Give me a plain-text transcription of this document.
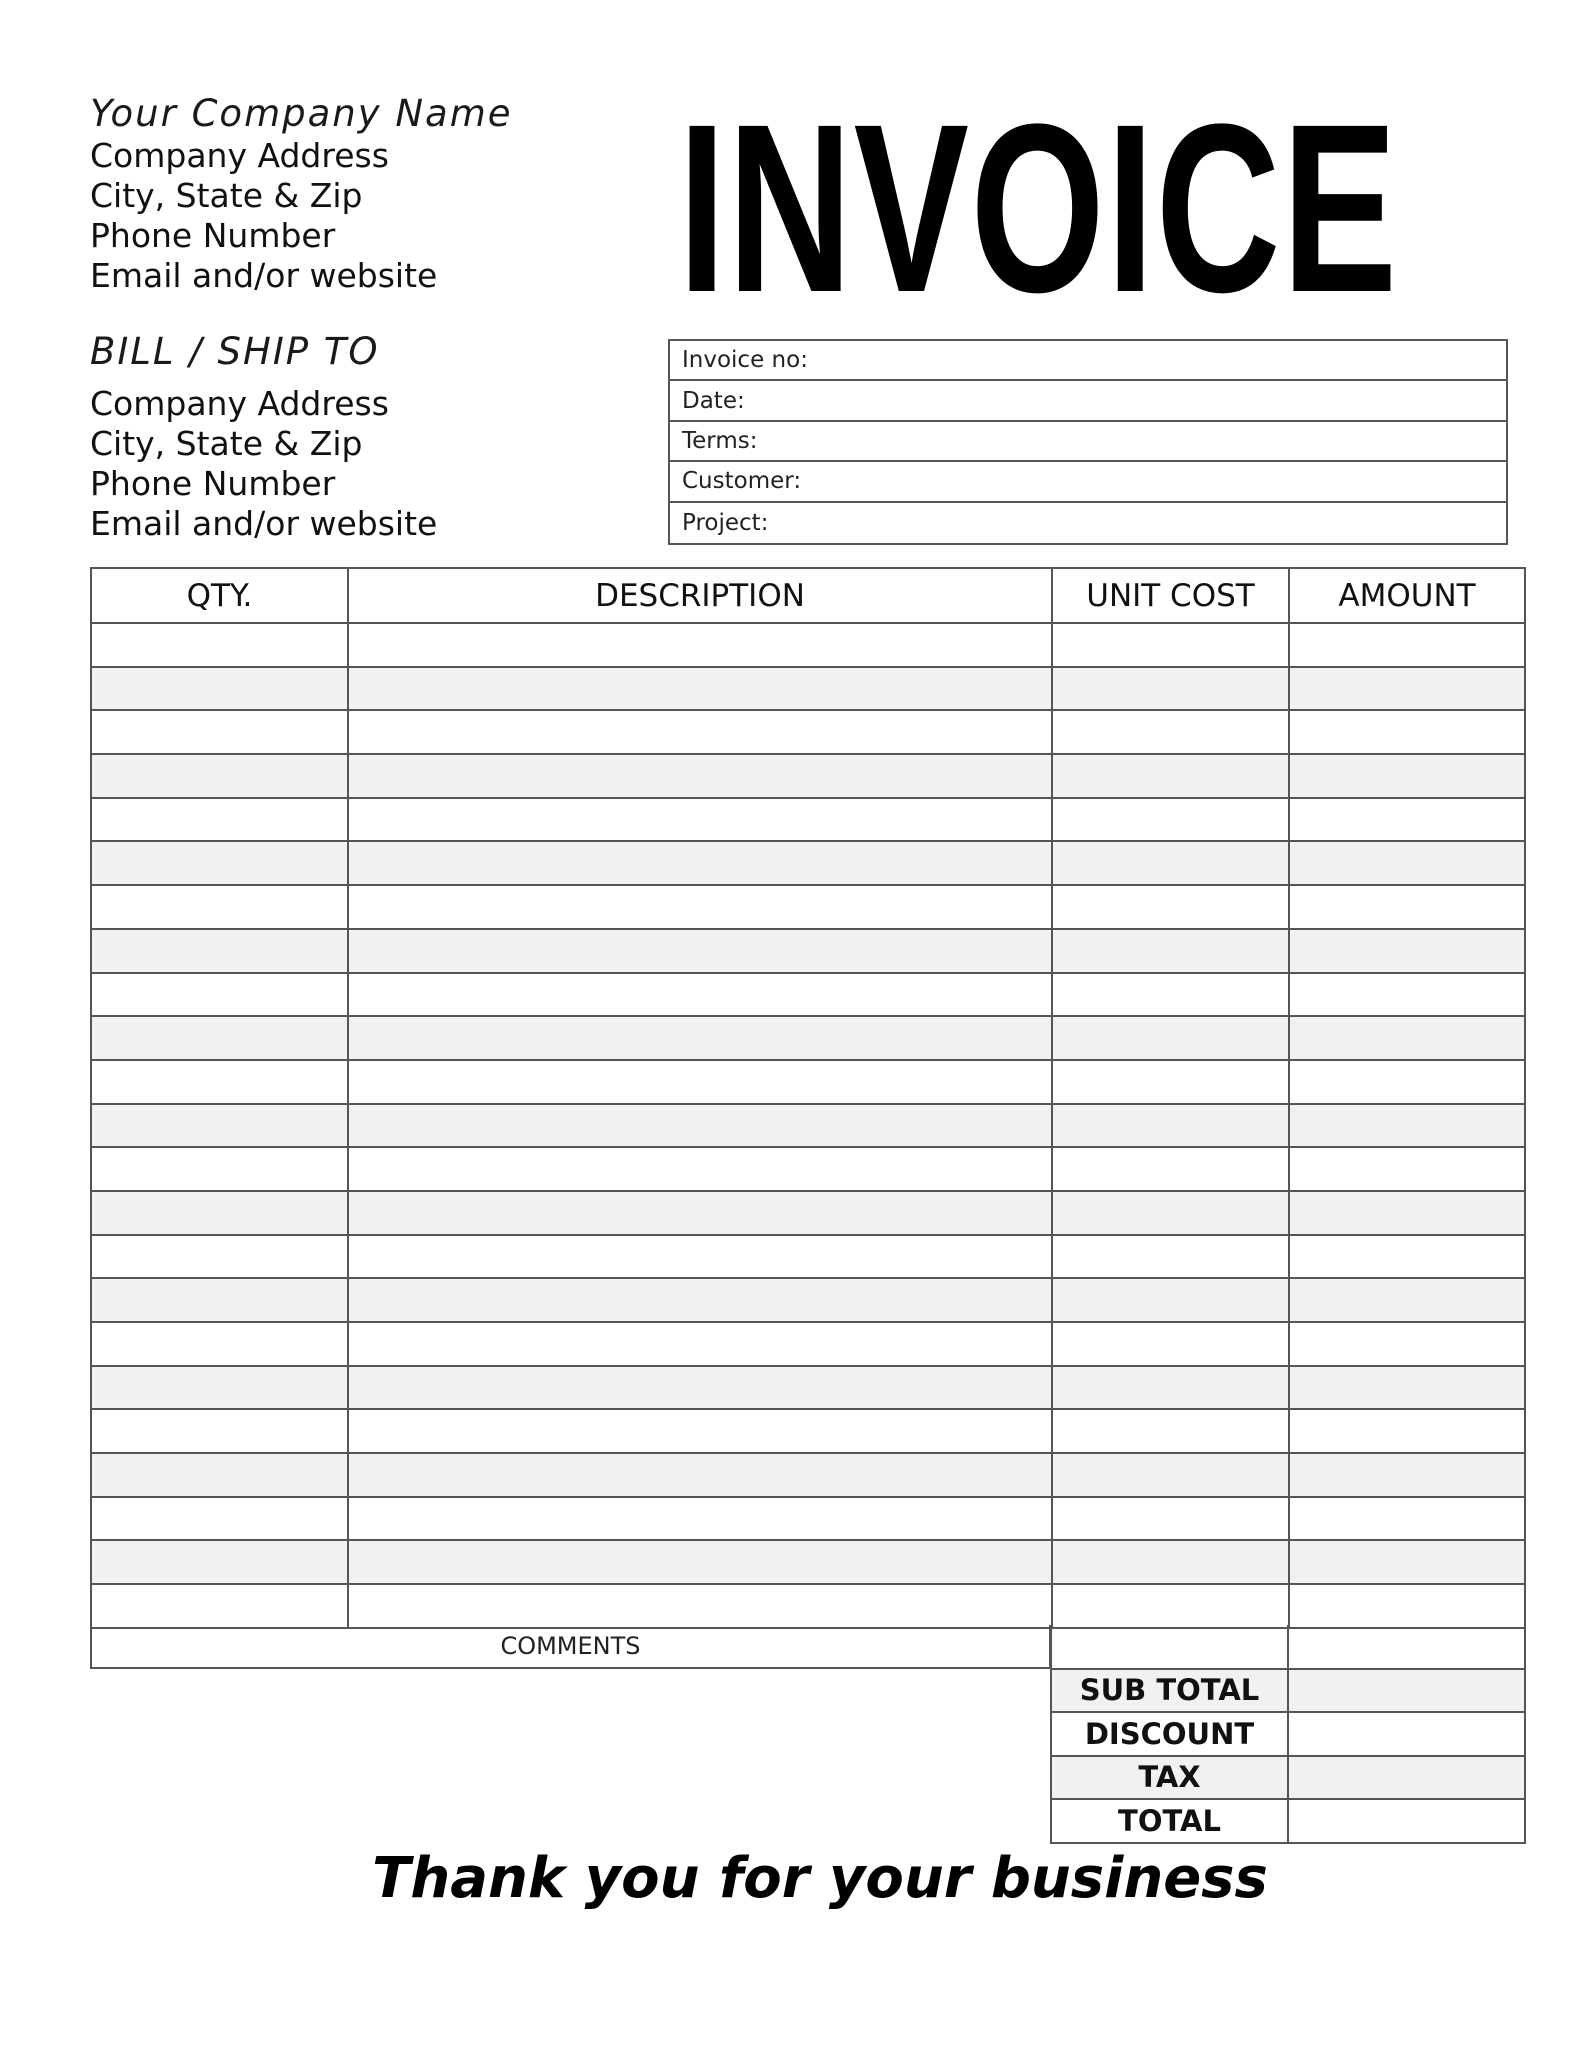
Your Company Name
Company Address
City, State & Zip
Phone Number
Email and/or website
BILL / SHIP TO
Company Address
City, State & Zip
Phone Number
Email and/or website
INVOICE
Invoice no:
Date:
Terms:
Customer:
Project:
QTY.	DESCRIPTION	UNIT COST	AMOUNT

COMMENTS

SUB TOTAL	
DISCOUNT	
TAX	
TOTAL	
Thank you for your business
